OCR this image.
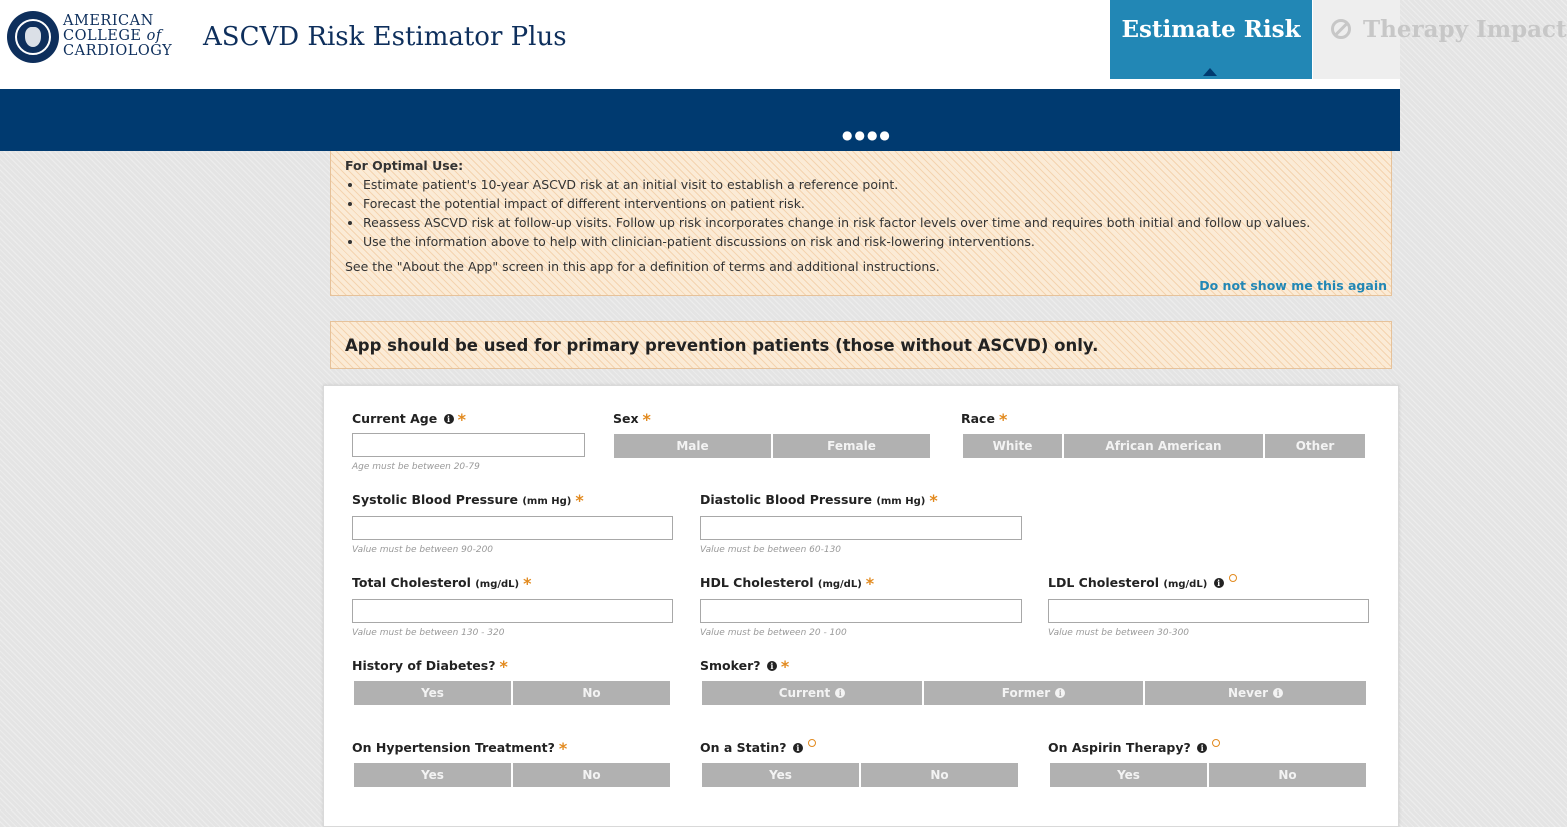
AMERICAN
COLLEGE of
CARDIOLOGY ASCVD Risk Estimator Plus	Estimate Risk	Therapy Impact
●●●●
For Optimal Use:
• Estimate patient's 10-year ASCVD risk at an initial visit to establish a reference point.
• Forecast the potential impact of different interventions on patient risk.
• Reassess ASCVD risk at follow-up visits. Follow up risk incorporates change in risk factor levels over time and requires both initial and follow up values.
• Use the information above to help with clinician-patient discussions on risk and risk-lowering interventions.
See the "About the App" screen in this app for a definition of terms and additional instructions.
Do not show me this again
App should be used for primary prevention patients (those without ASCVD) only.
Current Age i *
Age must be between 20-79
Sex *
Male	Female
Race *
White	African American	Other
Systolic Blood Pressure (mm Hg) *
Value must be between 90-200
Diastolic Blood Pressure (mm Hg) *
Value must be between 60-130
Total Cholesterol (mg/dL) *
Value must be between 130 - 320
HDL Cholesterol (mg/dL) *
Value must be between 20 - 100
LDL Cholesterol (mg/dL) i
Value must be between 30-300
History of Diabetes? *
Yes	No
Smoker? i *
Current	i	Former	i	Never	i
On Hypertension Treatment? *
Yes	No
On a Statin? i
Yes	No
On Aspirin Therapy? i
Yes	No
